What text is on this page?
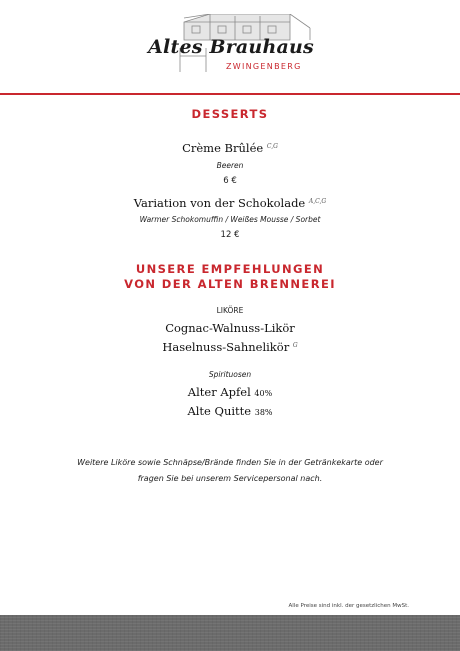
Altes Brauhaus
ZWINGENBERG
DESSERTS
Crème Brûlée $^{C,G}$
Beeren
6 €
Variation von der Schokolade $^{A,C,G}$
Warmer Schokomuffin / Weißes Mousse / Sorbet
12 €
UNSERE EMPFEHLUNGEN
VON DER ALTEN BRENNEREI
LIKÖRE
Cognac-Walnuss-Likör
Haselnuss-Sahnelikör $^G$
Spirituosen
Alter Apfel 40%
Alte Quitte 38%
Weitere Liköre sowie Schnäpse/Brände finden Sie in der Getränkekarte oder
fragen Sie bei unserem Servicepersonal nach.
Alle Preise sind inkl. der gesetzlichen MwSt.
